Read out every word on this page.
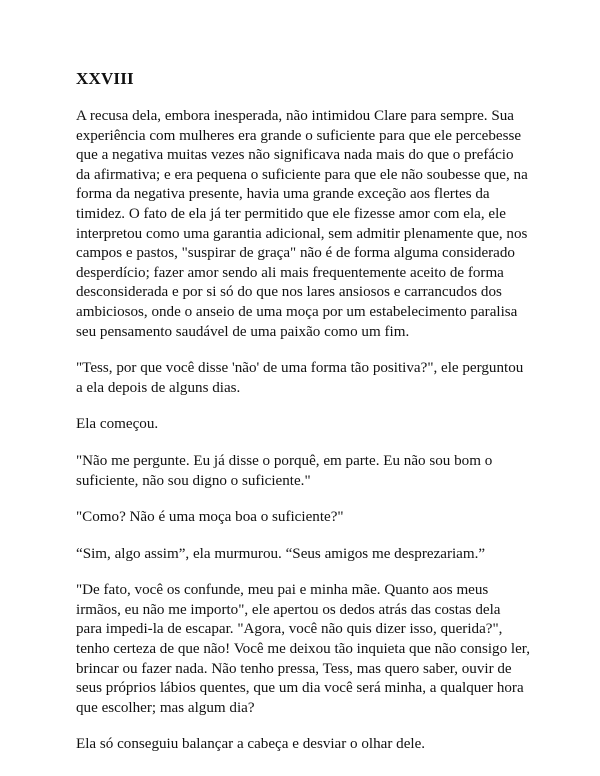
XXVIII

A recusa dela, embora inesperada, não intimidou Clare para sempre. Sua experiência com mulheres era grande o suficiente para que ele percebesse que a negativa muitas vezes não significava nada mais do que o prefácio da afirmativa; e era pequena o suficiente para que ele não soubesse que, na forma da negativa presente, havia uma grande exceção aos flertes da timidez. O fato de ela já ter permitido que ele fizesse amor com ela, ele interpretou como uma garantia adicional, sem admitir plenamente que, nos campos e pastos, "suspirar de graça" não é de forma alguma considerado desperdício; fazer amor sendo ali mais frequentemente aceito de forma desconsiderada e por si só do que nos lares ansiosos e carrancudos dos ambiciosos, onde o anseio de uma moça por um estabelecimento paralisa seu pensamento saudável de uma paixão como um fim.

"Tess, por que você disse 'não' de uma forma tão positiva?", ele perguntou a ela depois de alguns dias.

Ela começou.

"Não me pergunte. Eu já disse o porquê, em parte. Eu não sou bom o suficiente, não sou digno o suficiente."

"Como? Não é uma moça boa o suficiente?"

“Sim, algo assim”, ela murmurou. “Seus amigos me desprezariam.”

"De fato, você os confunde, meu pai e minha mãe. Quanto aos meus irmãos, eu não me importo", ele apertou os dedos atrás das costas dela para impedi-la de escapar. "Agora, você não quis dizer isso, querida?", tenho certeza de que não! Você me deixou tão inquieta que não consigo ler, brincar ou fazer nada. Não tenho pressa, Tess, mas quero saber, ouvir de seus próprios lábios quentes, que um dia você será minha, a qualquer hora que escolher; mas algum dia?

Ela só conseguiu balançar a cabeça e desviar o olhar dele.
